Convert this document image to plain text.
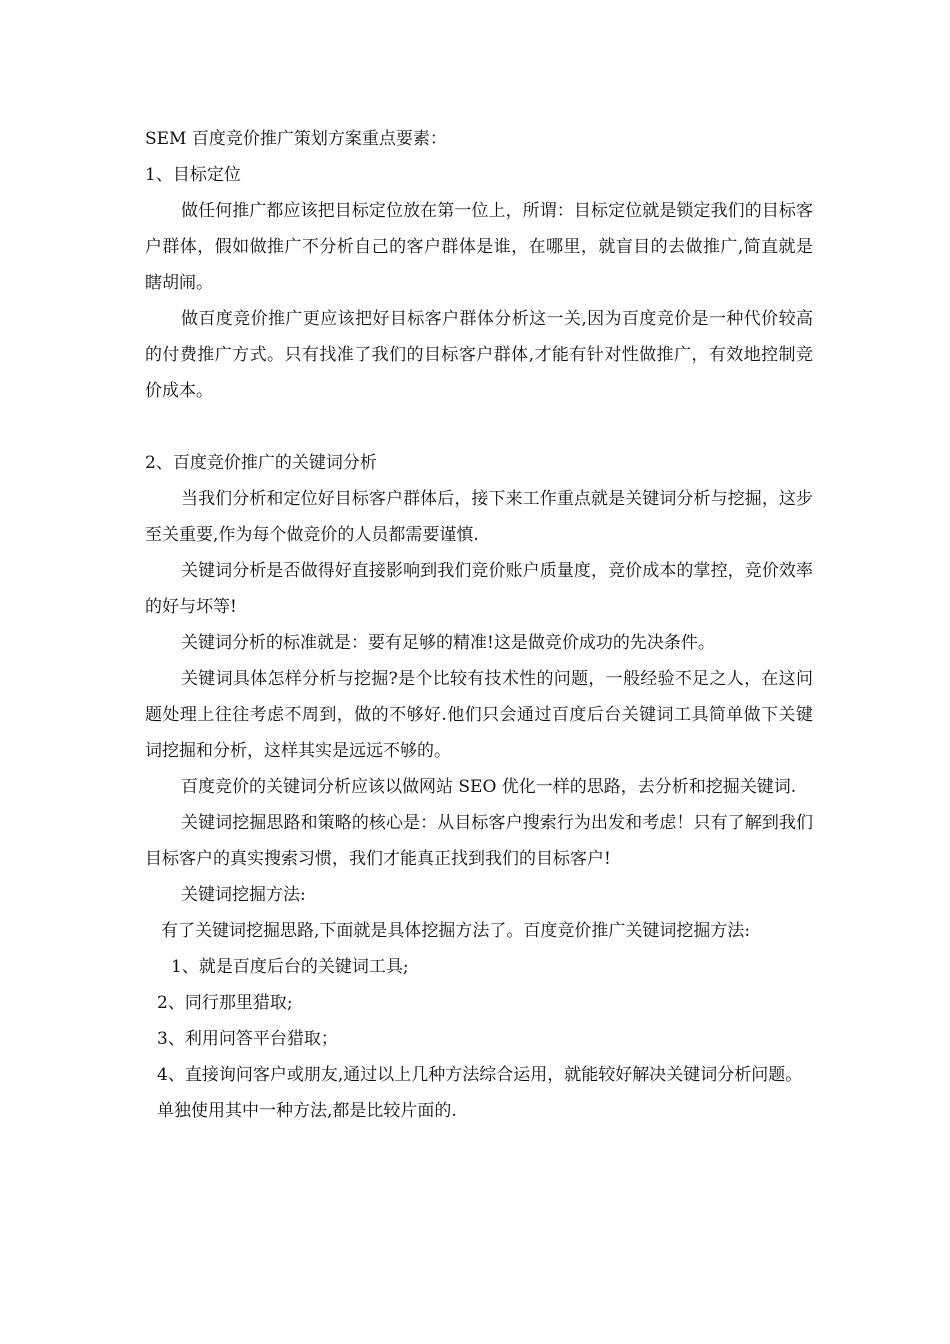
SEM 百度竞价推广策划方案重点要素：

1、目标定位

做任何推广都应该把目标定位放在第一位上，所谓：目标定位就是锁定我们的目标客户群体，假如做推广不分析自己的客户群体是谁，在哪里，就盲目的去做推广,简直就是瞎胡闹。

做百度竞价推广更应该把好目标客户群体分析这一关,因为百度竞价是一种代价较高的付费推广方式。只有找准了我们的目标客户群体,才能有针对性做推广，有效地控制竞价成本。

2、百度竞价推广的关键词分析

当我们分析和定位好目标客户群体后，接下来工作重点就是关键词分析与挖掘，这步至关重要,作为每个做竞价的人员都需要谨慎.

关键词分析是否做得好直接影响到我们竞价账户质量度，竞价成本的掌控，竞价效率的好与坏等!

关键词分析的标准就是：要有足够的精准!这是做竞价成功的先决条件。

关键词具体怎样分析与挖掘?是个比较有技术性的问题，一般经验不足之人，在这问题处理上往往考虑不周到，做的不够好.他们只会通过百度后台关键词工具简单做下关键词挖掘和分析，这样其实是远远不够的。

百度竞价的关键词分析应该以做网站 SEO 优化一样的思路，去分析和挖掘关键词.

关键词挖掘思路和策略的核心是：从目标客户搜索行为出发和考虑！只有了解到我们目标客户的真实搜索习惯，我们才能真正找到我们的目标客户!

关键词挖掘方法:

有了关键词挖掘思路,下面就是具体挖掘方法了。百度竞价推广关键词挖掘方法:

1、就是百度后台的关键词工具;

2、同行那里猎取;

3、利用问答平台猎取；

4、直接询问客户或朋友,通过以上几种方法综合运用，就能较好解决关键词分析问题。单独使用其中一种方法,都是比较片面的.
